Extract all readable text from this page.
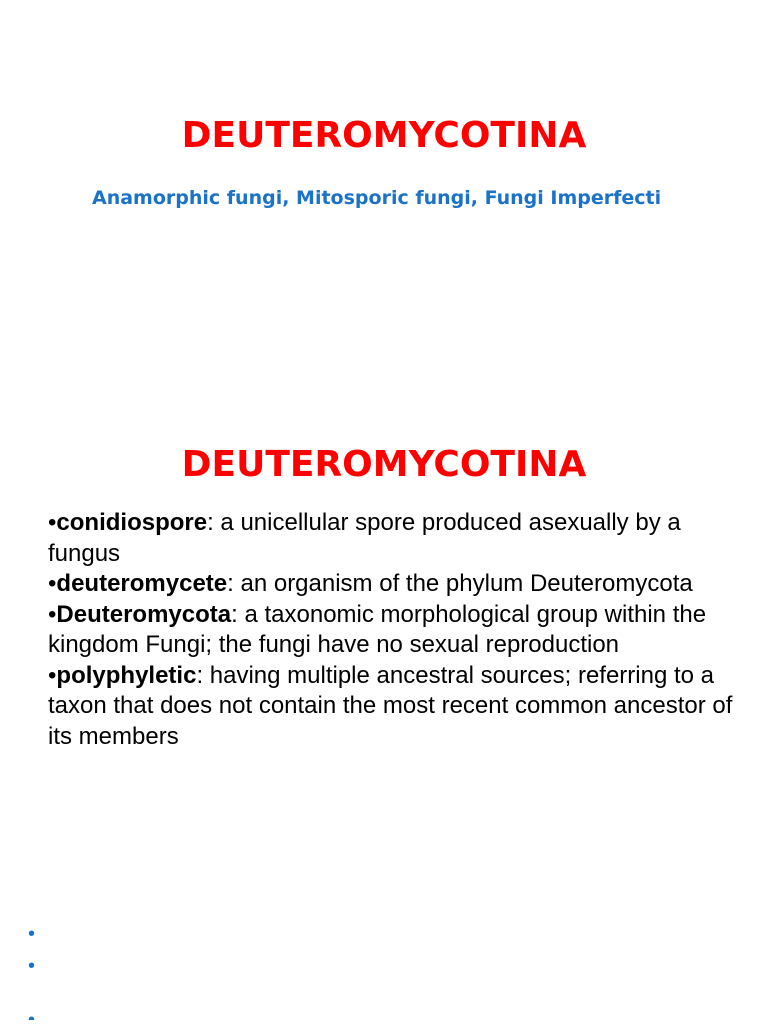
DEUTEROMYCOTINA

Anamorphic fungi, Mitosporic fungi, Fungi Imperfecti

DEUTEROMYCOTINA
•conidiospore: a unicellular spore produced asexually by a fungus
•deuteromycete: an organism of the phylum Deuteromycota
•Deuteromycota: a taxonomic morphological group within the kingdom Fungi; the fungi have no sexual reproduction
•polyphyletic: having multiple ancestral sources; referring to a taxon that does not contain the most recent common ancestor of its members
•
•
•
